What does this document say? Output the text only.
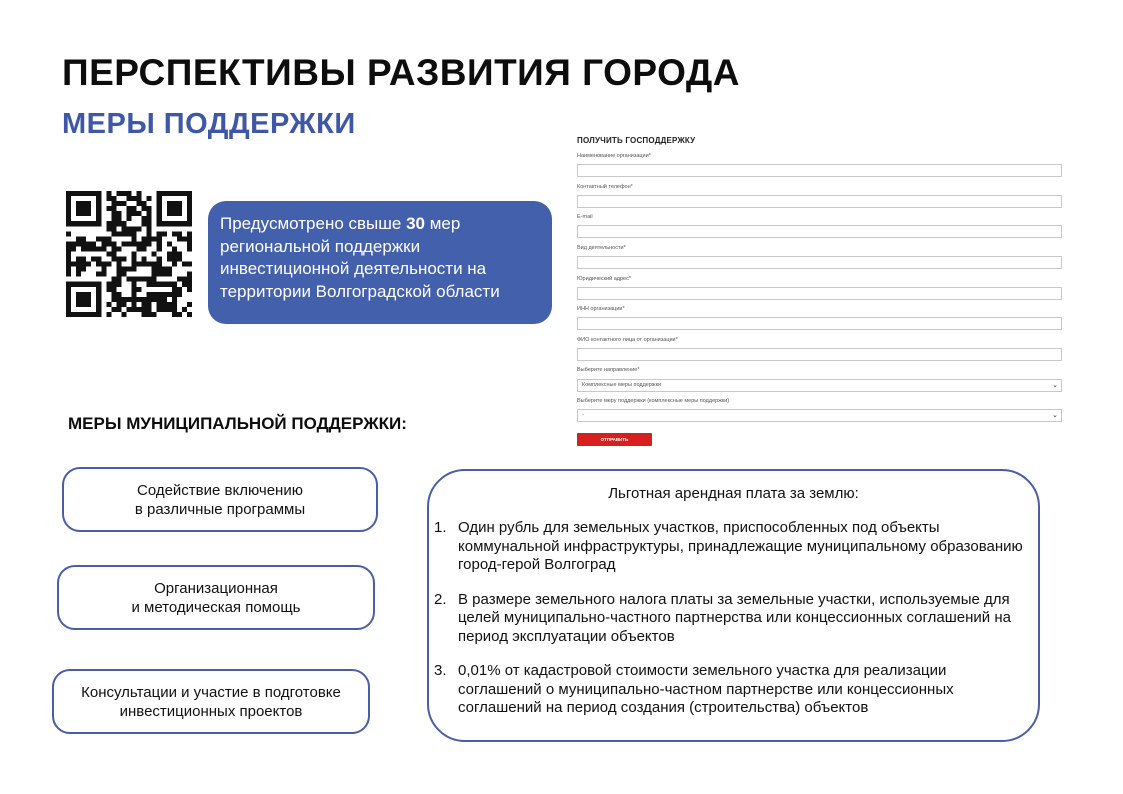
ПЕРСПЕКТИВЫ РАЗВИТИЯ ГОРОДА
МЕРЫ ПОДДЕРЖКИ
Предусмотрено свыше 30 мер региональной поддержки инвестиционной деятельности на территории Волгоградской области
ПОЛУЧИТЬ ГОСПОДДЕРЖКУ
Наименование организации*
Контактный телефон*
E-mail
Вид деятельности*
Юридический адрес*
ИНН организации*
ФИО контактного лица от организации*
Выберите направление*
Комплексные меры поддержки	⌄
Выберите меру поддержки (комплексные меры поддержки)
-	⌄
ОТПРАВИТЬ
МЕРЫ МУНИЦИПАЛЬНОЙ ПОДДЕРЖКИ:
Содействие включению
в различные программы
Организационная
и методическая помощь
Консультации и участие в подготовке
инвестиционных проектов
Льготная арендная плата за землю:
1. Один рубль для земельных участков, приспособленных под объекты коммунальной инфраструктуры, принадлежащие муниципальному образованию город-герой Волгоград
2. В размере земельного налога платы за земельные участки, используемые для целей муниципально-частного партнерства или концессионных соглашений на период эксплуатации объектов
3. 0,01% от кадастровой стоимости земельного участка для реализации соглашений о муниципально-частном партнерстве или концессионных соглашений на период создания (строительства) объектов
